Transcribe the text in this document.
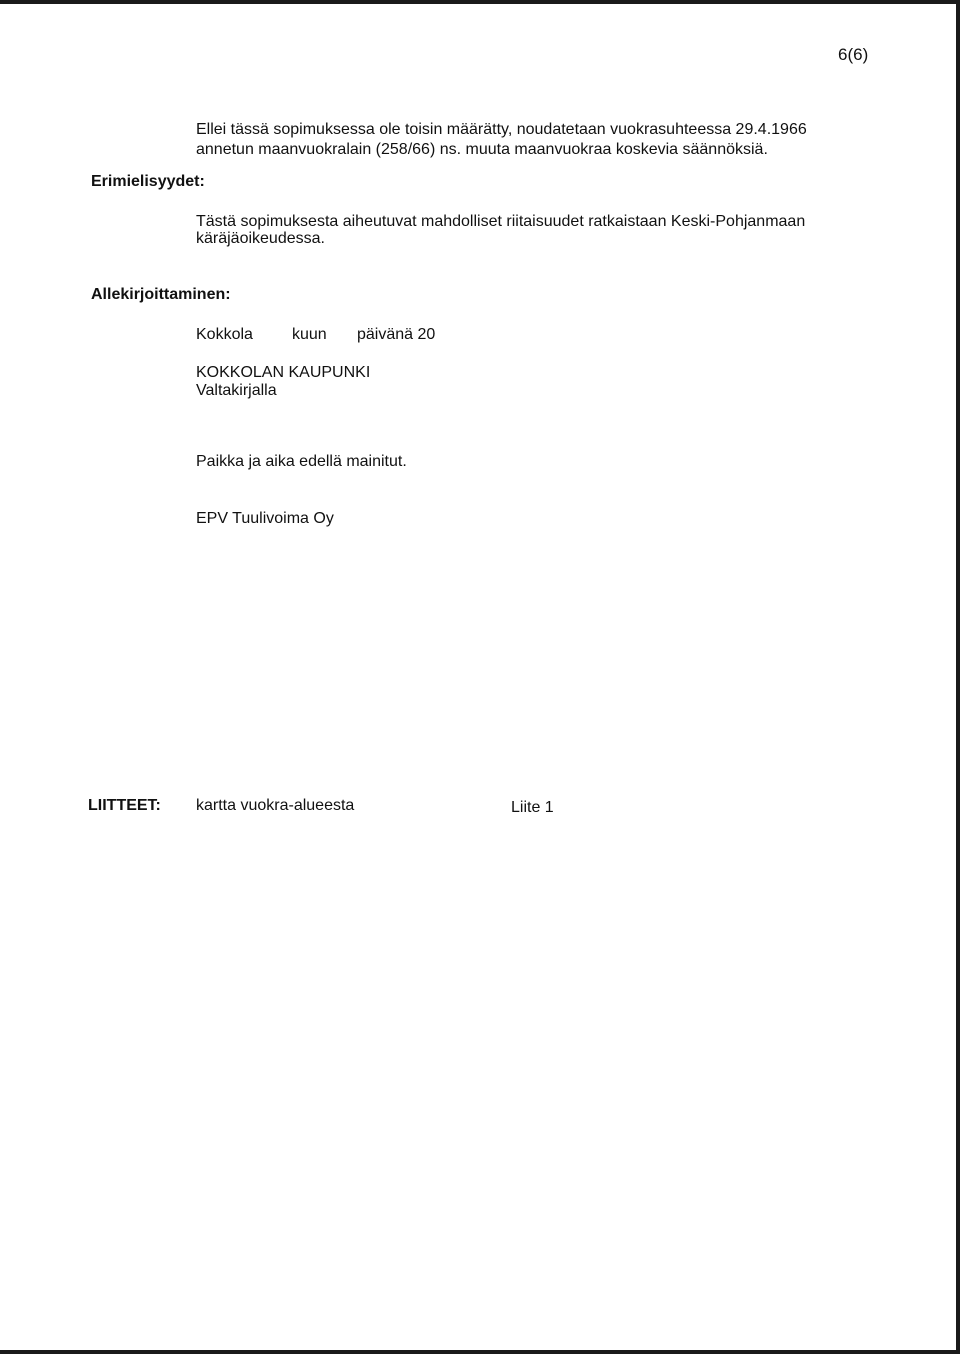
6(6)
Ellei tässä sopimuksessa ole toisin määrätty, noudatetaan vuokrasuhteessa 29.4.1966
annetun maanvuokralain (258/66) ns. muuta maanvuokraa koskevia säännöksiä.
Erimielisyydet:
Tästä sopimuksesta aiheutuvat mahdolliset riitaisuudet ratkaistaan Keski-Pohjanmaan
käräjäoikeudessa.
Allekirjoittaminen:
Kokkola kuun päivänä 20
KOKKOLAN KAUPUNKI
Valtakirjalla
Paikka ja aika edellä mainitut.
EPV Tuulivoima Oy
LIITTEET: kartta vuokra-alueesta	Liite 1
